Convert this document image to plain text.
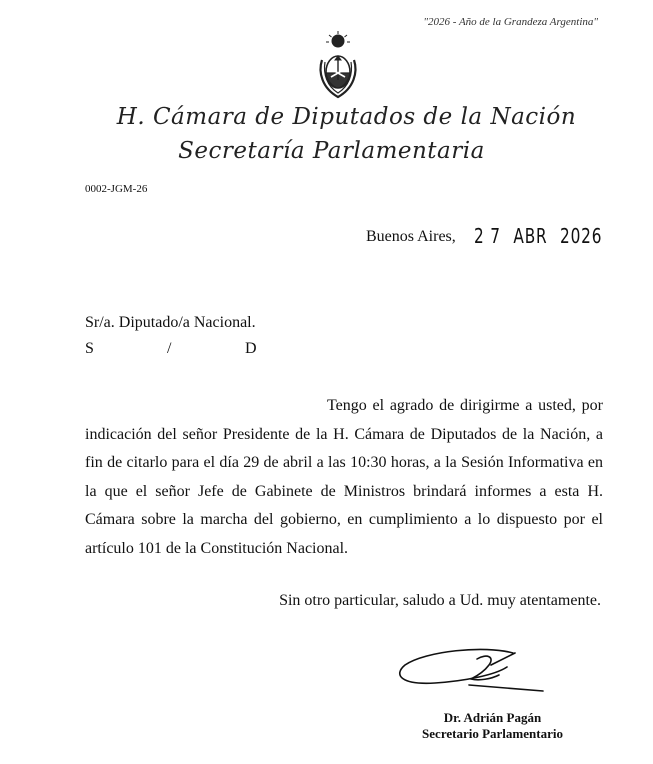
"2026 - Año de la Grandeza Argentina"
H. Cámara de Diputados de la Nación
Secretaría Parlamentaria
0002-JGM-26
Buenos Aires, 2 7 ABR 2026
Sr/a. Diputado/a Nacional.
S	/	D

Tengo el agrado de dirigirme a usted, por indicación del señor Presidente de la H. Cámara de Diputados de la Nación, a fin de citarlo para el día 29 de abril a las 10:30 horas, a la Sesión Informativa en la que el señor Jefe de Gabinete de Ministros brindará informes a esta H. Cámara sobre la marcha del gobierno, en cumplimiento a lo dispuesto por el artículo 101 de la Constitución Nacional.

Sin otro particular, saludo a Ud. muy atentamente.
Dr. Adrián Pagán
Secretario Parlamentario
